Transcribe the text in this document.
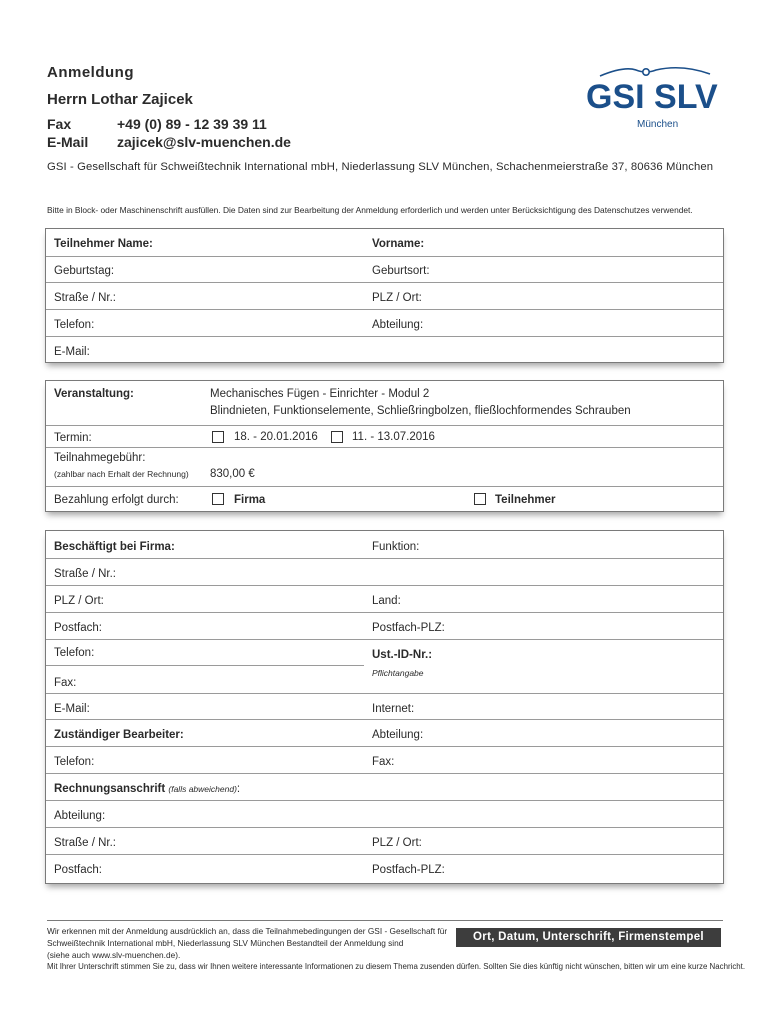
Anmeldung
Herrn Lothar Zajicek
Fax	+49 (0) 89 - 12 39 39 11
E-Mail zajicek@slv-muenchen.de
GSI - Gesellschaft für Schweißtechnik International mbH, Niederlassung SLV München, Schachenmeierstraße 37, 80636 München
GSI SLV
München
Bitte in Block- oder Maschinenschrift ausfüllen. Die Daten sind zur Bearbeitung der Anmeldung erforderlich und werden unter Berücksichtigung des Datenschutzes verwendet.
Teilnehmer Name:	Vorname:
Geburtstag:	Geburtsort:
Straße / Nr.:	PLZ / Ort:
Telefon:	Abteilung:
E-Mail:
Veranstaltung:	Mechanisches Fügen - Einrichter - Modul 2
Blindnieten, Funktionselemente, Schließringbolzen, fließlochformendes Schrauben
Termin:	18. - 20.01.2016	11. - 13.07.2016
Teilnahmegebühr:
(zahlbar nach Erhalt der Rechnung) 830,00 €
Bezahlung erfolgt durch:	Firma	Teilnehmer
Beschäftigt bei Firma:	Funktion:
Straße / Nr.:
PLZ / Ort:	Land:
Postfach:	Postfach-PLZ:
Telefon:	Ust.-ID-Nr.:
Pflichtangabe
Fax:
E-Mail:	Internet:
Zuständiger Bearbeiter:	Abteilung:
Telefon:	Fax:
Rechnungsanschrift (falls abweichend):
Abteilung:
Straße / Nr.:	PLZ / Ort:
Postfach:	Postfach-PLZ:
Wir erkennen mit der Anmeldung ausdrücklich an, dass die Teilnahmebedingungen der GSI - Gesellschaft für
Schweißtechnik International mbH, Niederlassung SLV München Bestandteil der Anmeldung sind
(siehe auch www.slv-muenchen.de).
Mit Ihrer Unterschrift stimmen Sie zu, dass wir Ihnen weitere interessante Informationen zu diesem Thema zusenden dürfen. Sollten Sie dies künftig nicht wünschen, bitten wir um eine kurze Nachricht.
Ort, Datum, Unterschrift, Firmenstempel
